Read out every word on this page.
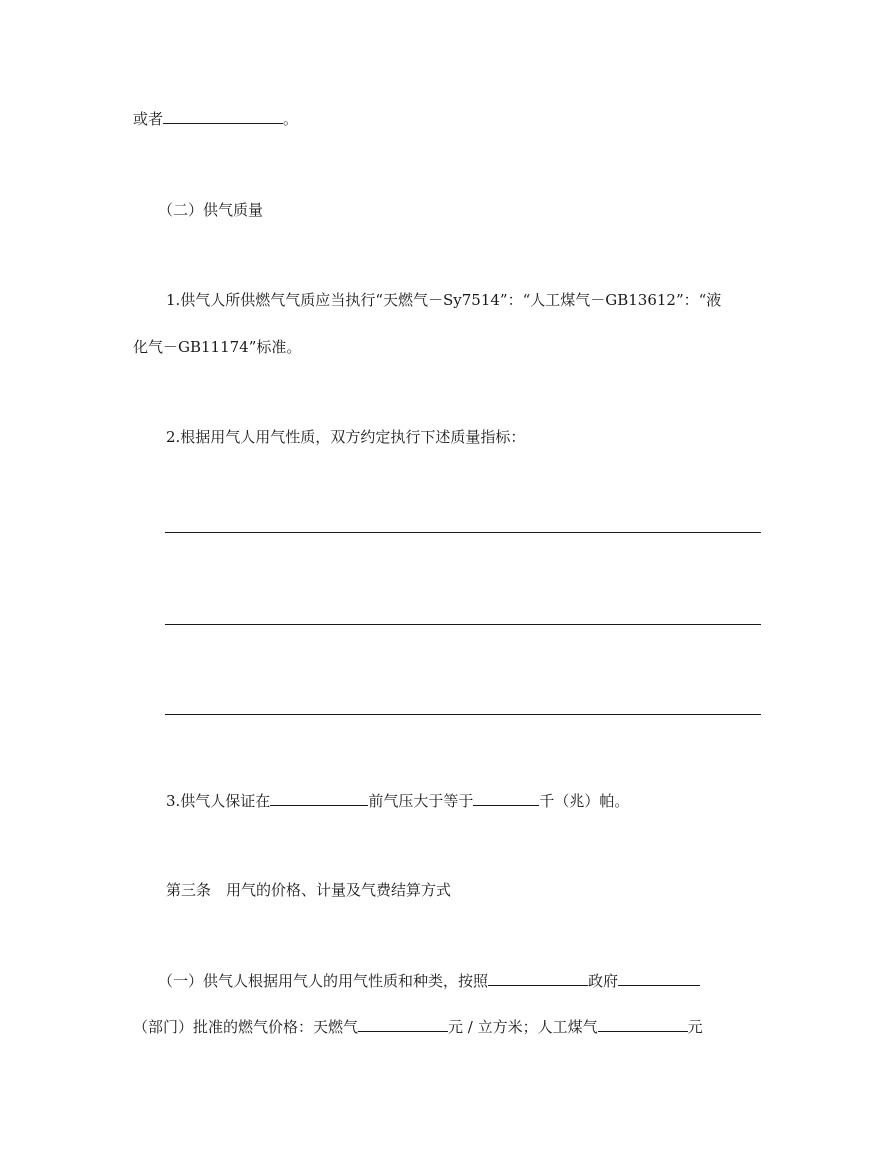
或者	。
（二）供气质量
1.供气人所供燃气气质应当执行“天燃气－Sy7514”：“人工煤气－GB13612”：“液
化气－GB11174”标准。
2.根据用气人用气性质，双方约定执行下述质量指标：
3.供气人保证在	前气压大于等于	千（兆）帕。
第三条　用气的价格、计量及气费结算方式
（一）供气人根据用气人的用气性质和种类，按照	政府
（部门）批准的燃气价格：天燃气	元 / 立方米；人工煤气	元
